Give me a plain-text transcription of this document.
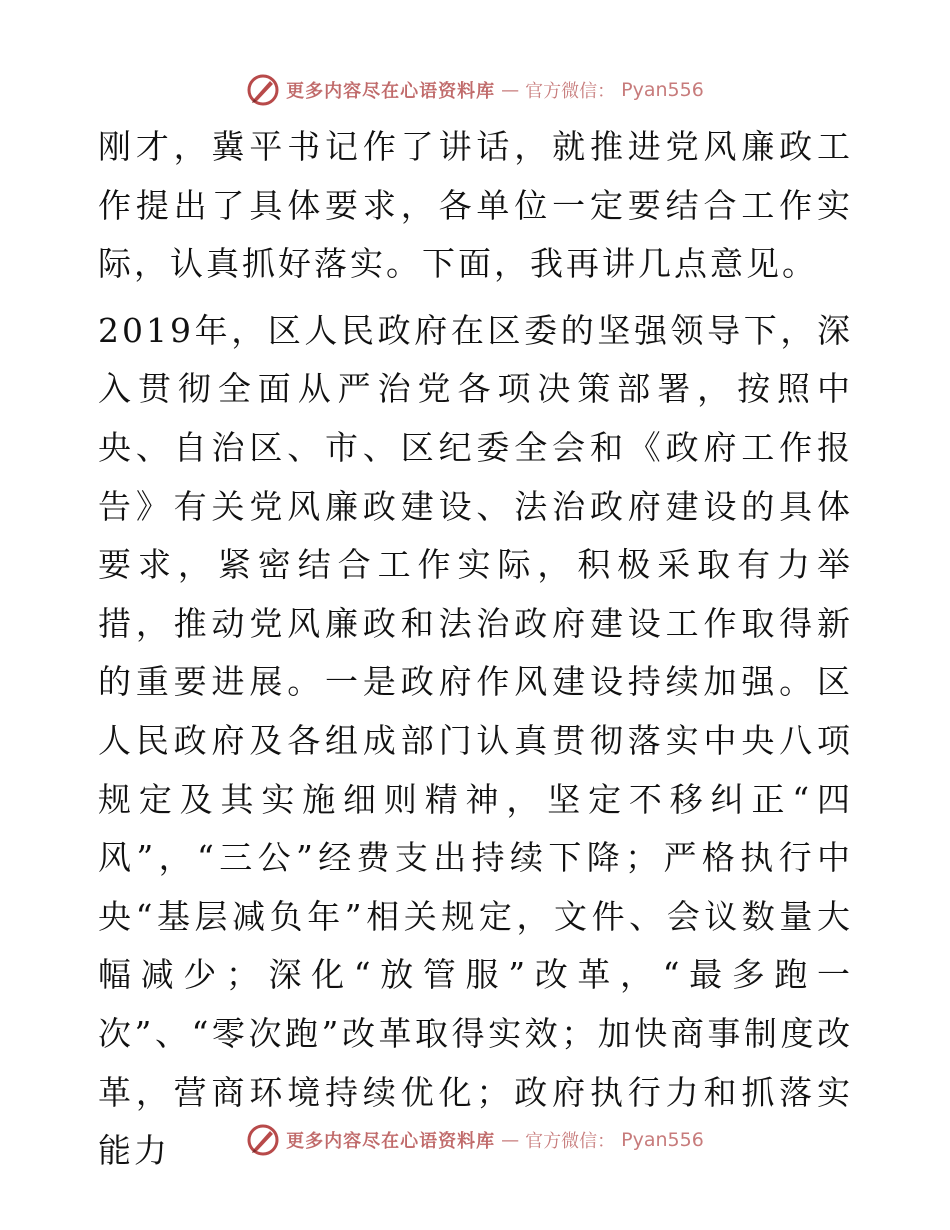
更多内容尽在心语资料库 — 官方微信： Pyan556

刚才，冀平书记作了讲话，就推进党风廉政工作提出了具体要求，各单位一定要结合工作实际，认真抓好落实。下面，我再讲几点意见。

2019年，区人民政府在区委的坚强领导下，深入贯彻全面从严治党各项决策部署，按照中央、自治区、市、区纪委全会和《政府工作报告》有关党风廉政建设、法治政府建设的具体要求，紧密结合工作实际，积极采取有力举措，推动党风廉政和法治政府建设工作取得新的重要进展。一是政府作风建设持续加强。区人民政府及各组成部门认真贯彻落实中央八项规定及其实施细则精神，坚定不移纠正“四风”，“三公”经费支出持续下降；严格执行中央“基层减负年”相关规定，文件、会议数量大幅减少；深化“放管服”改革，“最多跑一次”、“零次跑”改革取得实效；加快商事制度改革，营商环境持续优化；政府执行力和抓落实能力	更多内容尽在心语资料库 — 官方微信： Pyan556
